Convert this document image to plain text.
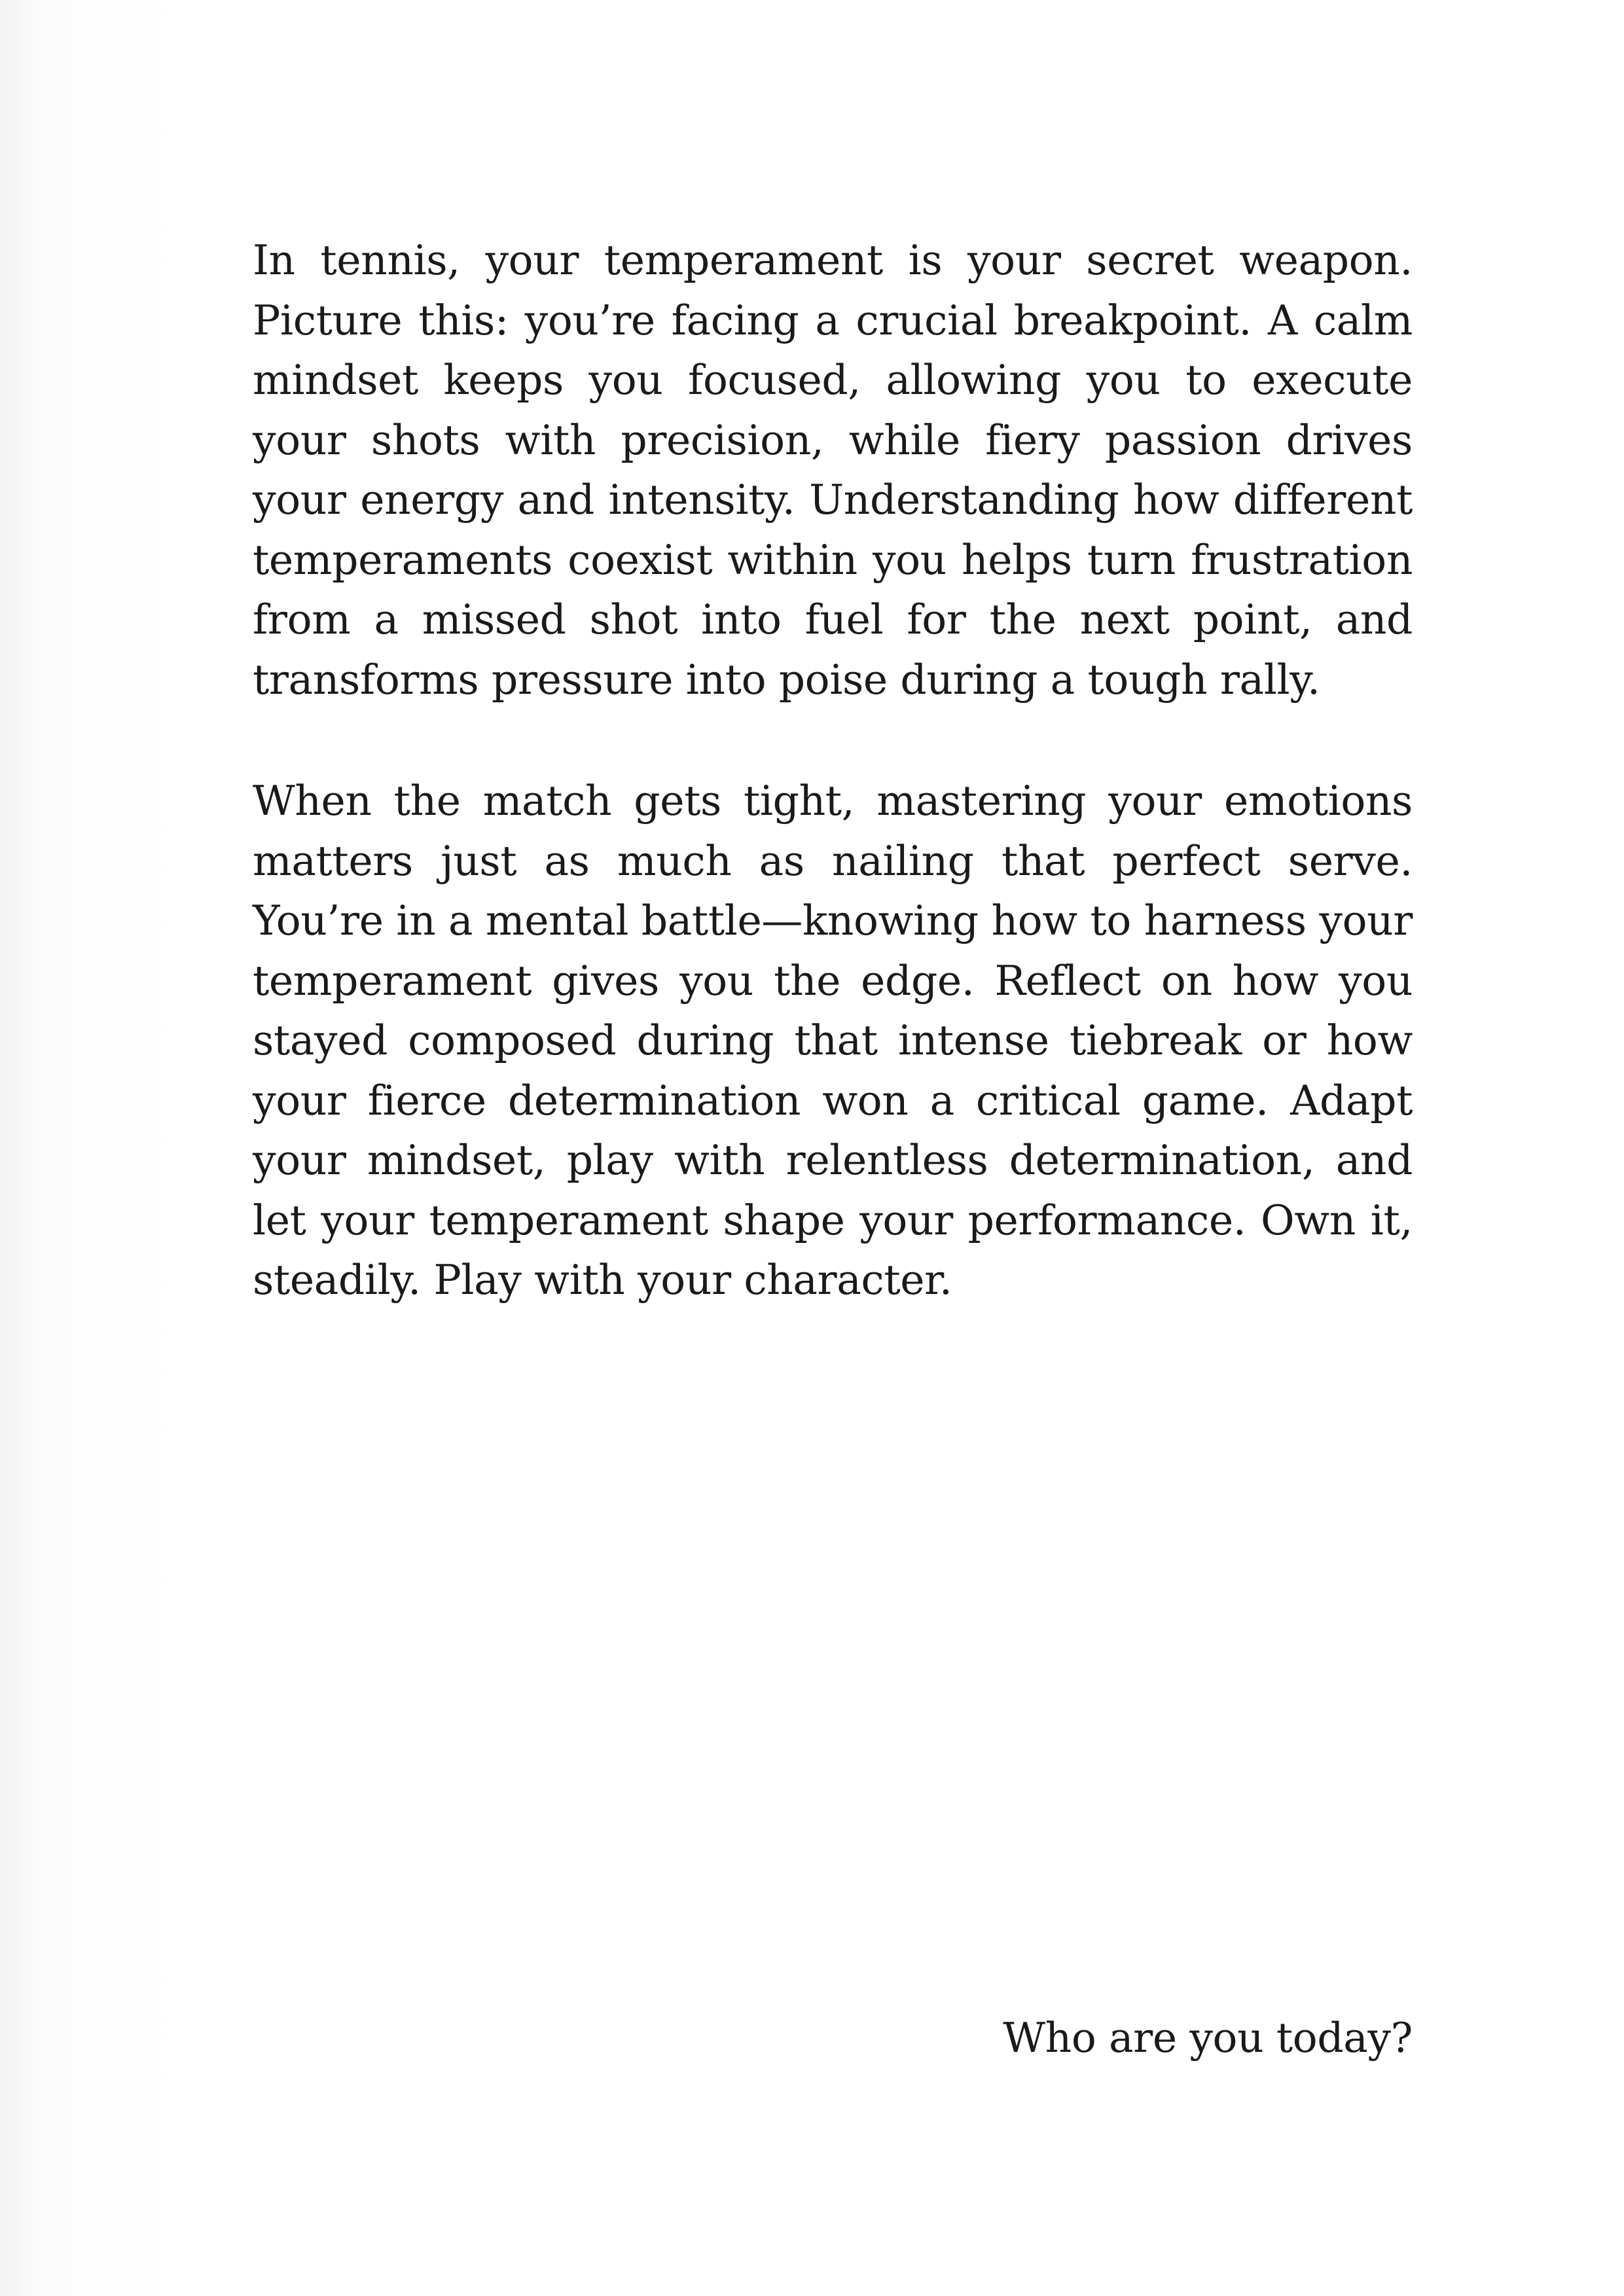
In tennis, your temperament is your secret weapon. Picture this: you’re facing a crucial breakpoint. A calm mindset keeps you focused, allowing you to execute your shots with precision, while fiery passion drives your energy and intensity. Understanding how different temperaments coexist within you helps turn frustration from a missed shot into fuel for the next point, and transforms pressure into poise during a tough rally.

When the match gets tight, mastering your emotions matters just as much as nailing that perfect serve. You’re in a mental battle—knowing how to harness your temperament gives you the edge. Reflect on how you stayed composed during that intense tiebreak or how your fierce determination won a critical game. Adapt your mindset, play with relentless determination, and let your temperament shape your performance. Own it, steadily. Play with your character.

Who are you today?
